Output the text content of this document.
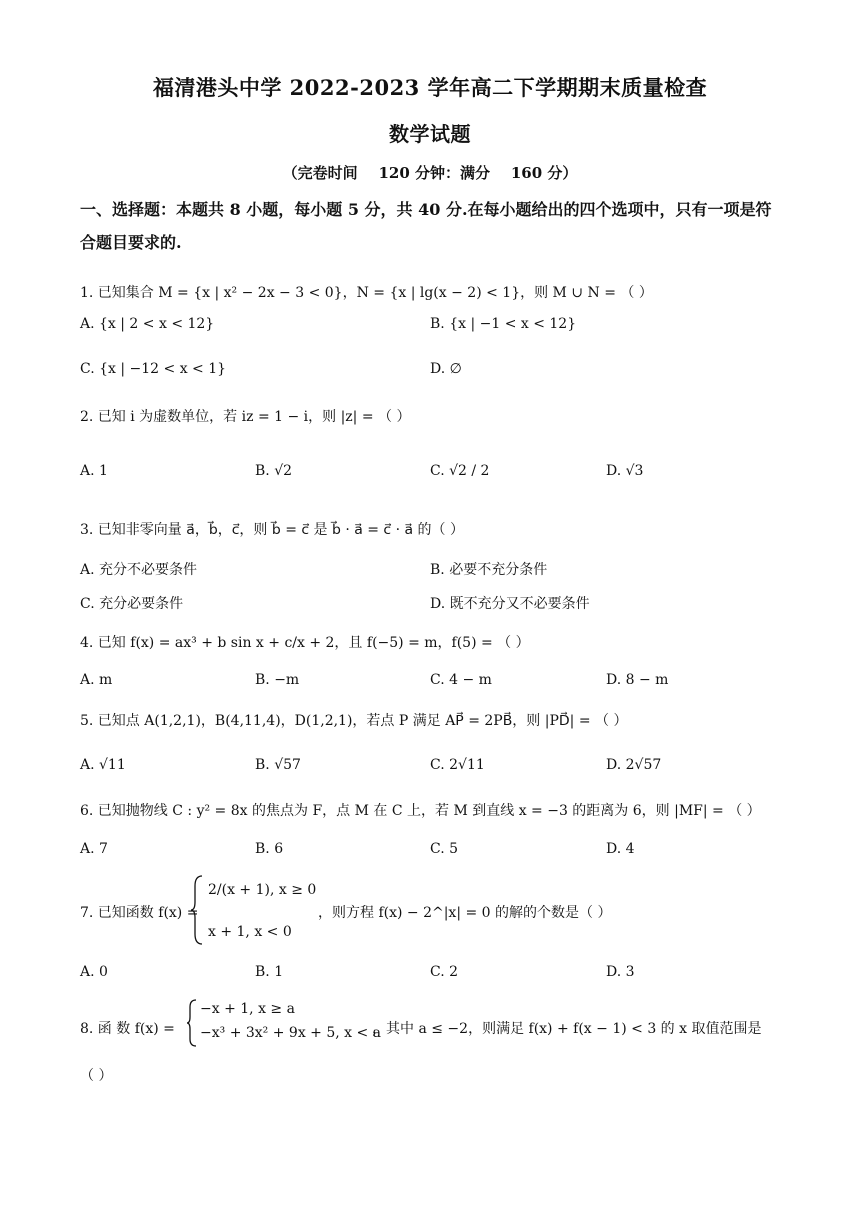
福清港头中学 2022-2023 学年高二下学期期末质量检查
数学试题
（完卷时间    120 分钟：满分    160 分）
一、选择题：本题共 8 小题，每小题 5 分，共 40 分.在每小题给出的四个选项中，只有一项是符合题目要求的.
1. 已知集合 M = {x | x² − 2x − 3 < 0}，N = {x | lg(x − 2) < 1}，则 M ∪ N = （ ）
A. {x | 2 < x < 12}	B. {x | −1 < x < 12}
C. {x | −12 < x < 1}	D. ∅
2. 已知 i 为虚数单位，若 iz = 1 − i，则 |z| = （ ）
A. 1	B. √2	C. √2 / 2	D. √3
3. 已知非零向量 a⃗，b⃗，c⃗，则 b⃗ = c⃗ 是 b⃗ · a⃗ = c⃗ · a⃗ 的（ ）
A. 充分不必要条件	B. 必要不充分条件
C. 充分必要条件	D. 既不充分又不必要条件
4. 已知 f(x) = ax³ + b sin x + c/x + 2，且 f(−5) = m，f(5) = （ ）
A. m	B. −m	C. 4 − m	D. 8 − m
5. 已知点 A(1,2,1)，B(4,11,4)，D(1,2,1)，若点 P 满足 AP⃗ = 2PB⃗，则 |PD⃗| = （ ）
A. √11	B. √57	C. 2√11	D. 2√57
6. 已知抛物线 C : y² = 8x 的焦点为 F，点 M 在 C 上，若 M 到直线 x = −3 的距离为 6，则 |MF| = （ ）
A. 7	B. 6	C. 5	D. 4
7. 已知函数 f(x) =
2/(x + 1), x ≥ 0
x + 1, x < 0
，则方程 f(x) − 2^|x| = 0 的解的个数是（ ）
A. 0	B. 1	C. 2	D. 3
8. 函 数 f(x) =
−x + 1, x ≥ a
−x³ + 3x² + 9x + 5, x < a
，其中 a ≤ −2，则满足 f(x) + f(x − 1) < 3 的 x 取值范围是
（ ）
